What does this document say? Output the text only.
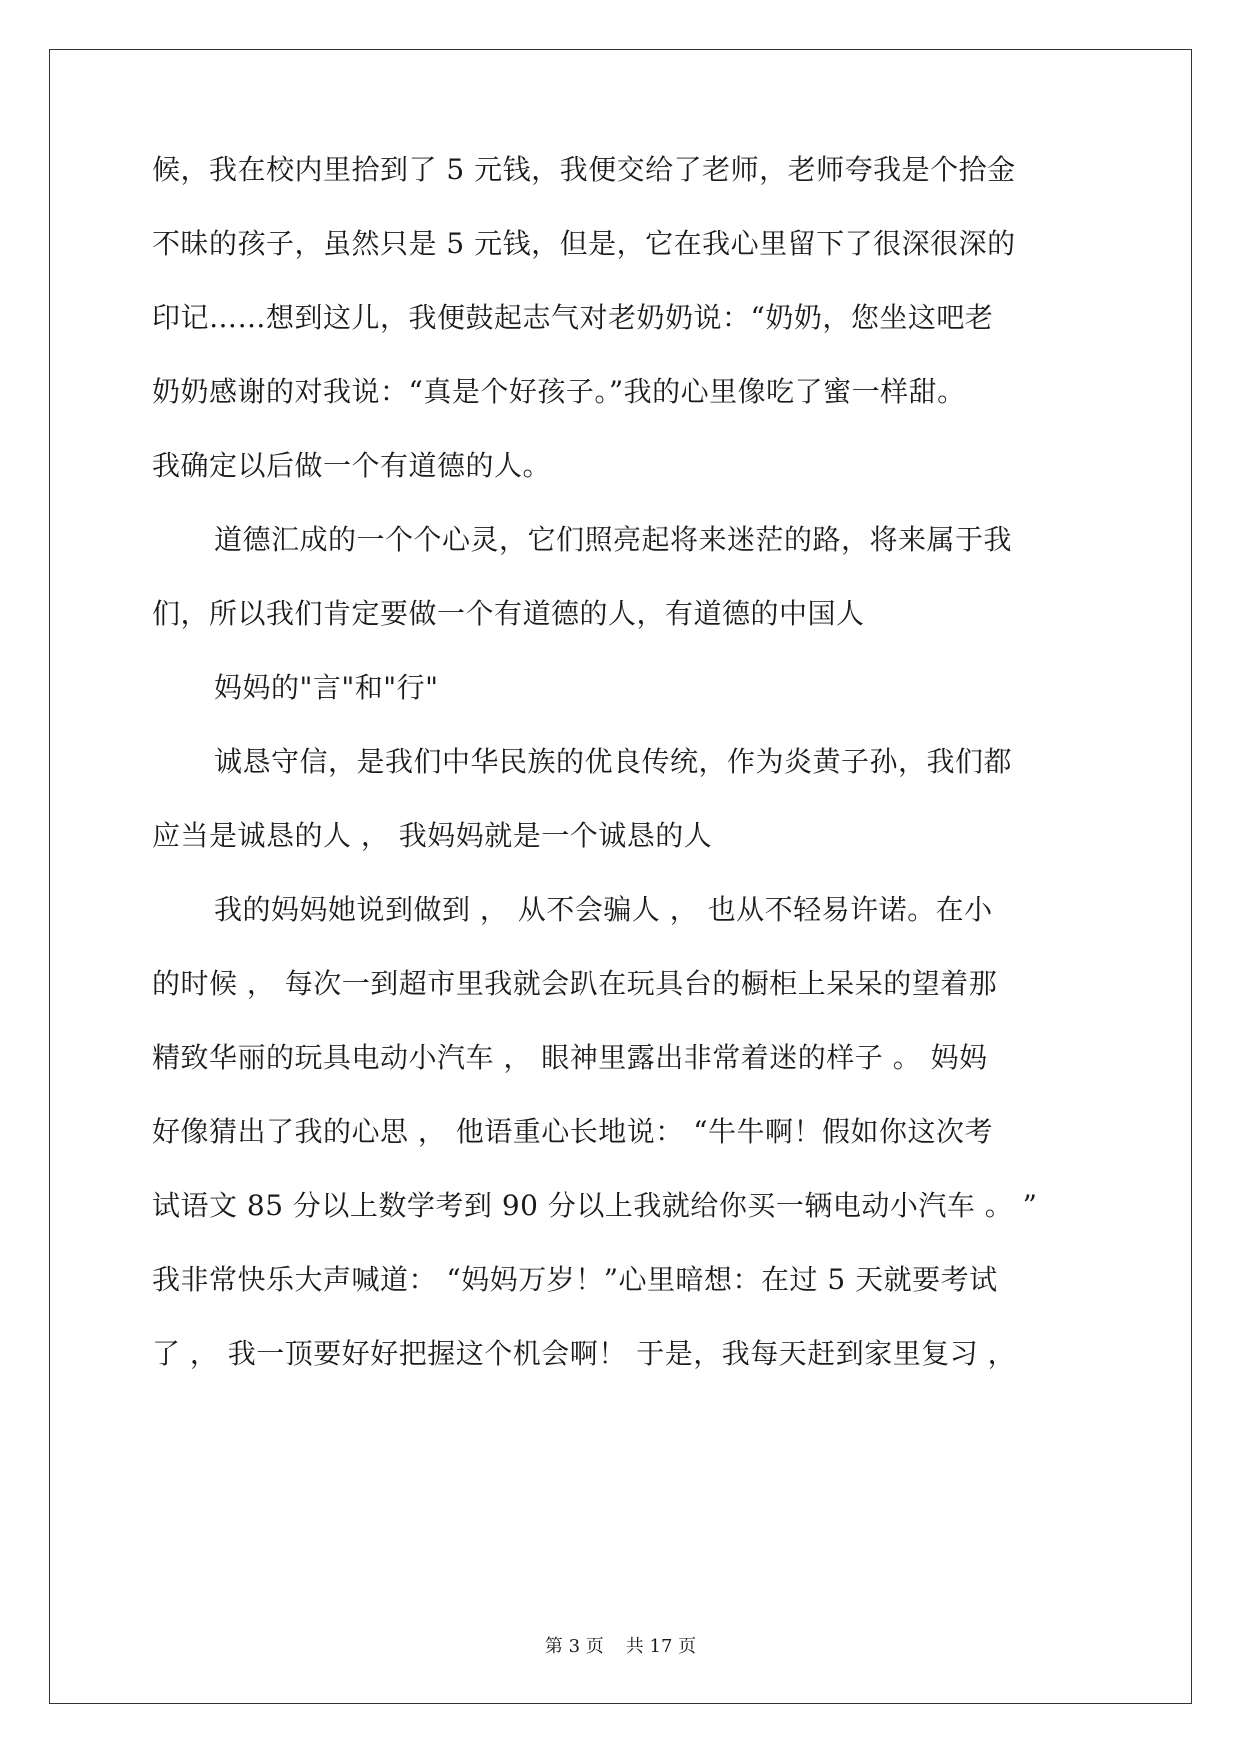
候，我在校内里拾到了 5 元钱，我便交给了老师，老师夸我是个拾金
不昧的孩子，虽然只是 5 元钱，但是，它在我心里留下了很深很深的
印记……想到这儿，我便鼓起志气对老奶奶说：“奶奶，您坐这吧老
奶奶感谢的对我说：“真是个好孩子。”我的心里像吃了蜜一样甜。
我确定以后做一个有道德的人。
道德汇成的一个个心灵，它们照亮起将来迷茫的路，将来属于我
们，所以我们肯定要做一个有道德的人，有道德的中国人
妈妈的"言"和"行"
诚恳守信，是我们中华民族的优良传统，作为炎黄子孙，我们都
应当是诚恳的人 ， 我妈妈就是一个诚恳的人
我的妈妈她说到做到 ， 从不会骗人 ， 也从不轻易许诺。在小
的时候 ， 每次一到超市里我就会趴在玩具台的橱柜上呆呆的望着那
精致华丽的玩具电动小汽车 ， 眼神里露出非常着迷的样子 。 妈妈
好像猜出了我的心思 ， 他语重心长地说： “牛牛啊！假如你这次考
试语文 85 分以上数学考到 90 分以上我就给你买一辆电动小汽车 。 ”
我非常快乐大声喊道： “妈妈万岁！”心里暗想：在过 5 天就要考试
了 ， 我一顶要好好把握这个机会啊！ 于是，我每天赶到家里复习 ，
第 3 页 共 17 页
